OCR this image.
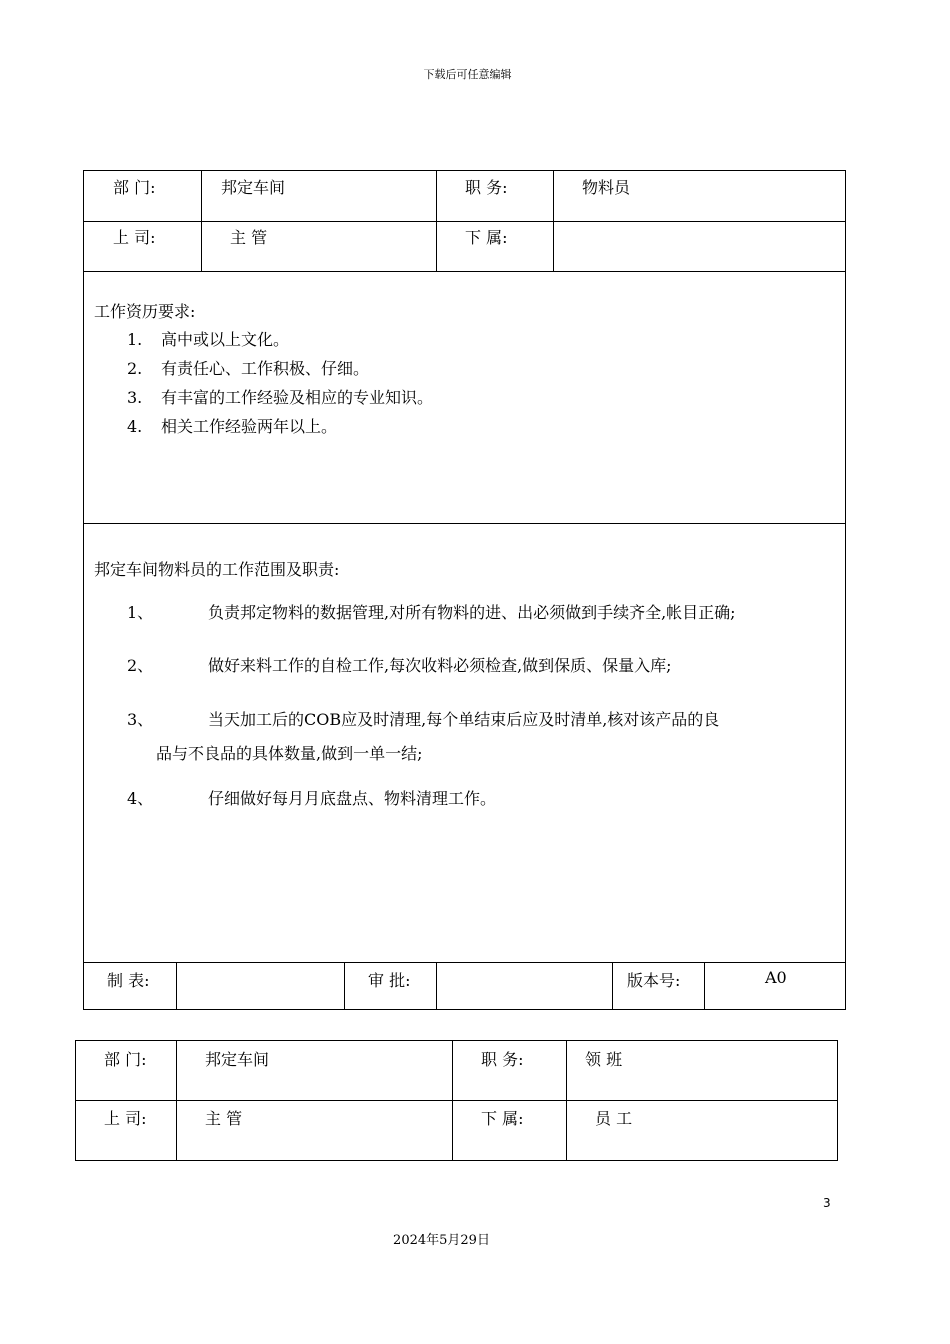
下载后可任意编辑
部 门:	邦定车间	职 务:	物料员
上 司:	主 管	下 属:
工作资历要求:
1. 高中或以上文化。
2. 有责任心、工作积极、仔细。
3. 有丰富的工作经验及相应的专业知识。
4. 相关工作经验两年以上。
邦定车间物料员的工作范围及职责:
1、	负责邦定物料的数据管理,对所有物料的进、出必须做到手续齐全,帐目正确;
2、	做好来料工作的自检工作,每次收料必须检查,做到保质、保量入库;
3、	当天加工后的COB应及时清理,每个单结束后应及时清单,核对该产品的良
品与不良品的具体数量,做到一单一结;
4、	仔细做好每月月底盘点、物料清理工作。
制 表:	审 批:	版本号:	A0
部 门:	邦定车间	职 务:	领 班
上 司:	主 管	下 属:	员 工
3
2024年5月29日
